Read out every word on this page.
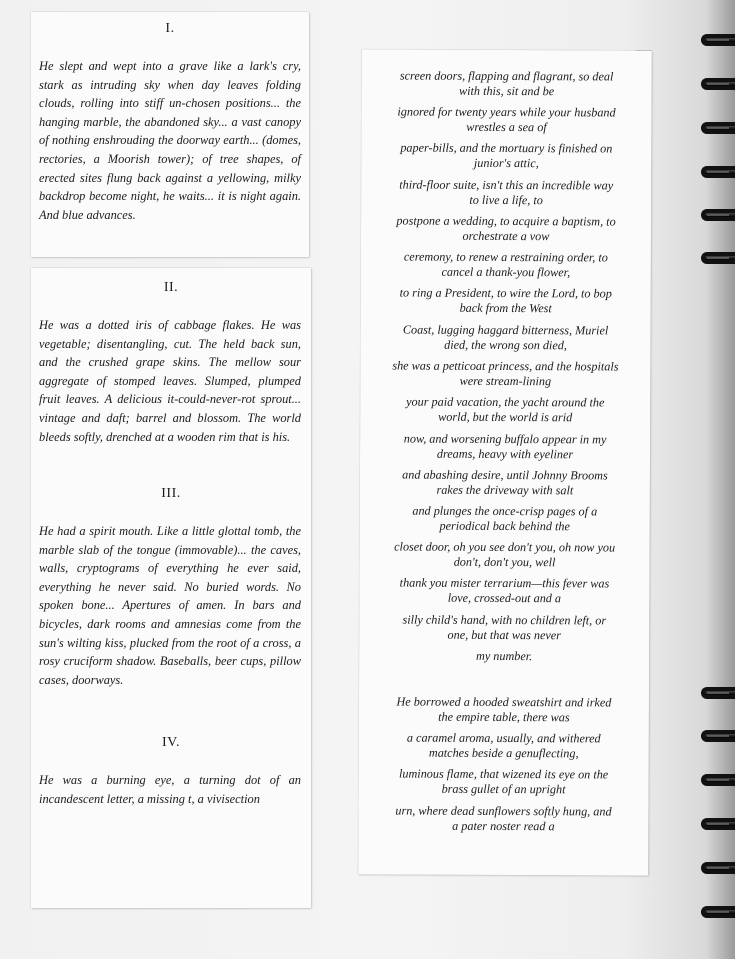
I.
He slept and wept into a grave like a lark's cry, stark as intruding sky when day leaves folding clouds, rolling into stiff un-chosen positions... the hanging marble, the abandoned sky... a vast canopy of nothing enshrouding the doorway earth... (domes, rectories, a Moorish tower); of tree shapes, of erected sites flung back against a yellowing, milky backdrop become night, he waits... it is night again. And blue advances.
II.
He was a dotted iris of cabbage flakes. He was vegetable; disentangling, cut. The held back sun, and the crushed grape skins. The mellow sour aggregate of stomped leaves. Slumped, plumped fruit leaves. A delicious it-could-never-rot sprout... vintage and daft; barrel and blossom. The world bleeds softly, drenched at a wooden rim that is his.
III.
He had a spirit mouth. Like a little glottal tomb, the marble slab of the tongue (immovable)... the caves, walls, cryptograms of everything he ever said, everything he never said. No buried words. No spoken bone... Apertures of amen. In bars and bicycles, dark rooms and amnesias come from the sun's wilting kiss, plucked from the root of a cross, a rosy cruciform shadow. Baseballs, beer cups, pillow cases, doorways.
IV.
He was a burning eye, a turning dot of an incandescent letter, a missing t, a vivisection
screen doors, flapping and flagrant, so deal
with this, sit and be
ignored for twenty years while your husband
wrestles a sea of
paper-bills, and the mortuary is finished on
junior's attic,
third-floor suite, isn't this an incredible way
to live a life, to
postpone a wedding, to acquire a baptism, to
orchestrate a vow
ceremony, to renew a restraining order, to
cancel a thank-you flower,
to ring a President, to wire the Lord, to bop
back from the West
Coast, lugging haggard bitterness, Muriel
died, the wrong son died,
she was a petticoat princess, and the hospitals
were stream-lining
your paid vacation, the yacht around the
world, but the world is arid
now, and worsening buffalo appear in my
dreams, heavy with eyeliner
and abashing desire, until Johnny Brooms
rakes the driveway with salt
and plunges the once-crisp pages of a
periodical back behind the
closet door, oh you see don't you, oh now you
don't, don't you, well
thank you mister terrarium—this fever was
love, crossed-out and a
silly child's hand, with no children left, or
one, but that was never
my number.
He borrowed a hooded sweatshirt and irked
the empire table, there was
a caramel aroma, usually, and withered
matches beside a genuflecting,
luminous flame, that wizened its eye on the
brass gullet of an upright
urn, where dead sunflowers softly hung, and
a pater noster read a
